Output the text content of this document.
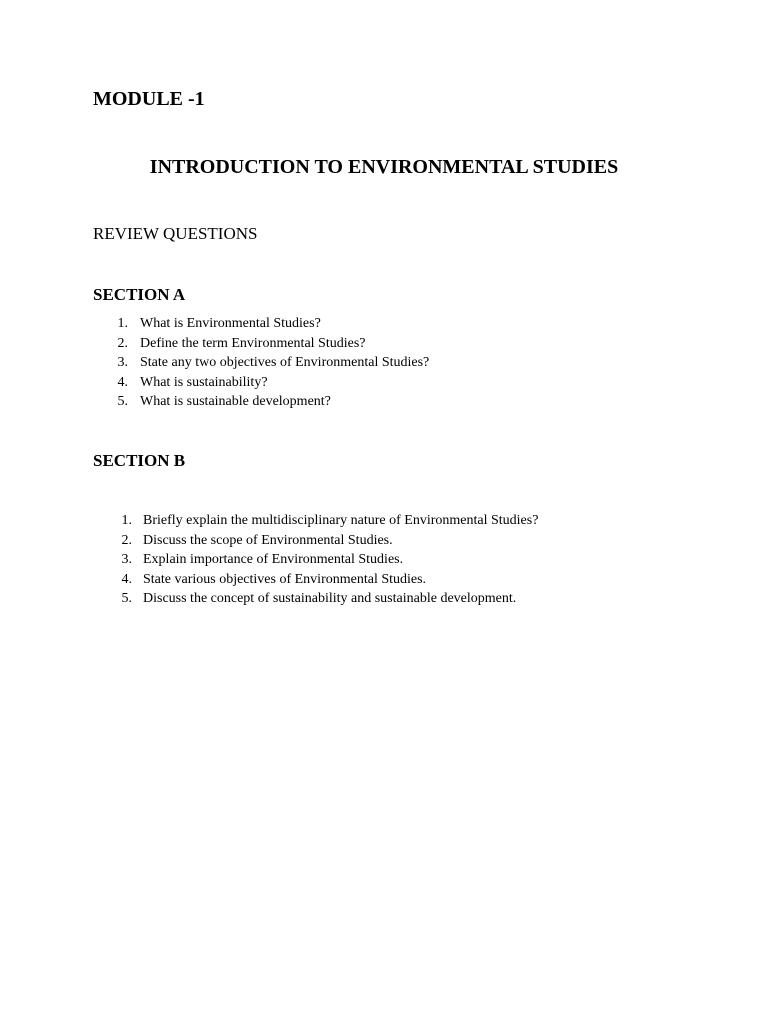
MODULE -1
INTRODUCTION TO ENVIRONMENTAL STUDIES

REVIEW QUESTIONS

SECTION A
1. What is Environmental Studies?
2. Define the term Environmental Studies?
3. State any two objectives of Environmental Studies?
4. What is sustainability?
5. What is sustainable development?
SECTION B
1. Briefly explain the multidisciplinary nature of Environmental Studies?
2. Discuss the scope of Environmental Studies.
3. Explain importance of Environmental Studies.
4. State various objectives of Environmental Studies.
5. Discuss the concept of sustainability and sustainable development.
